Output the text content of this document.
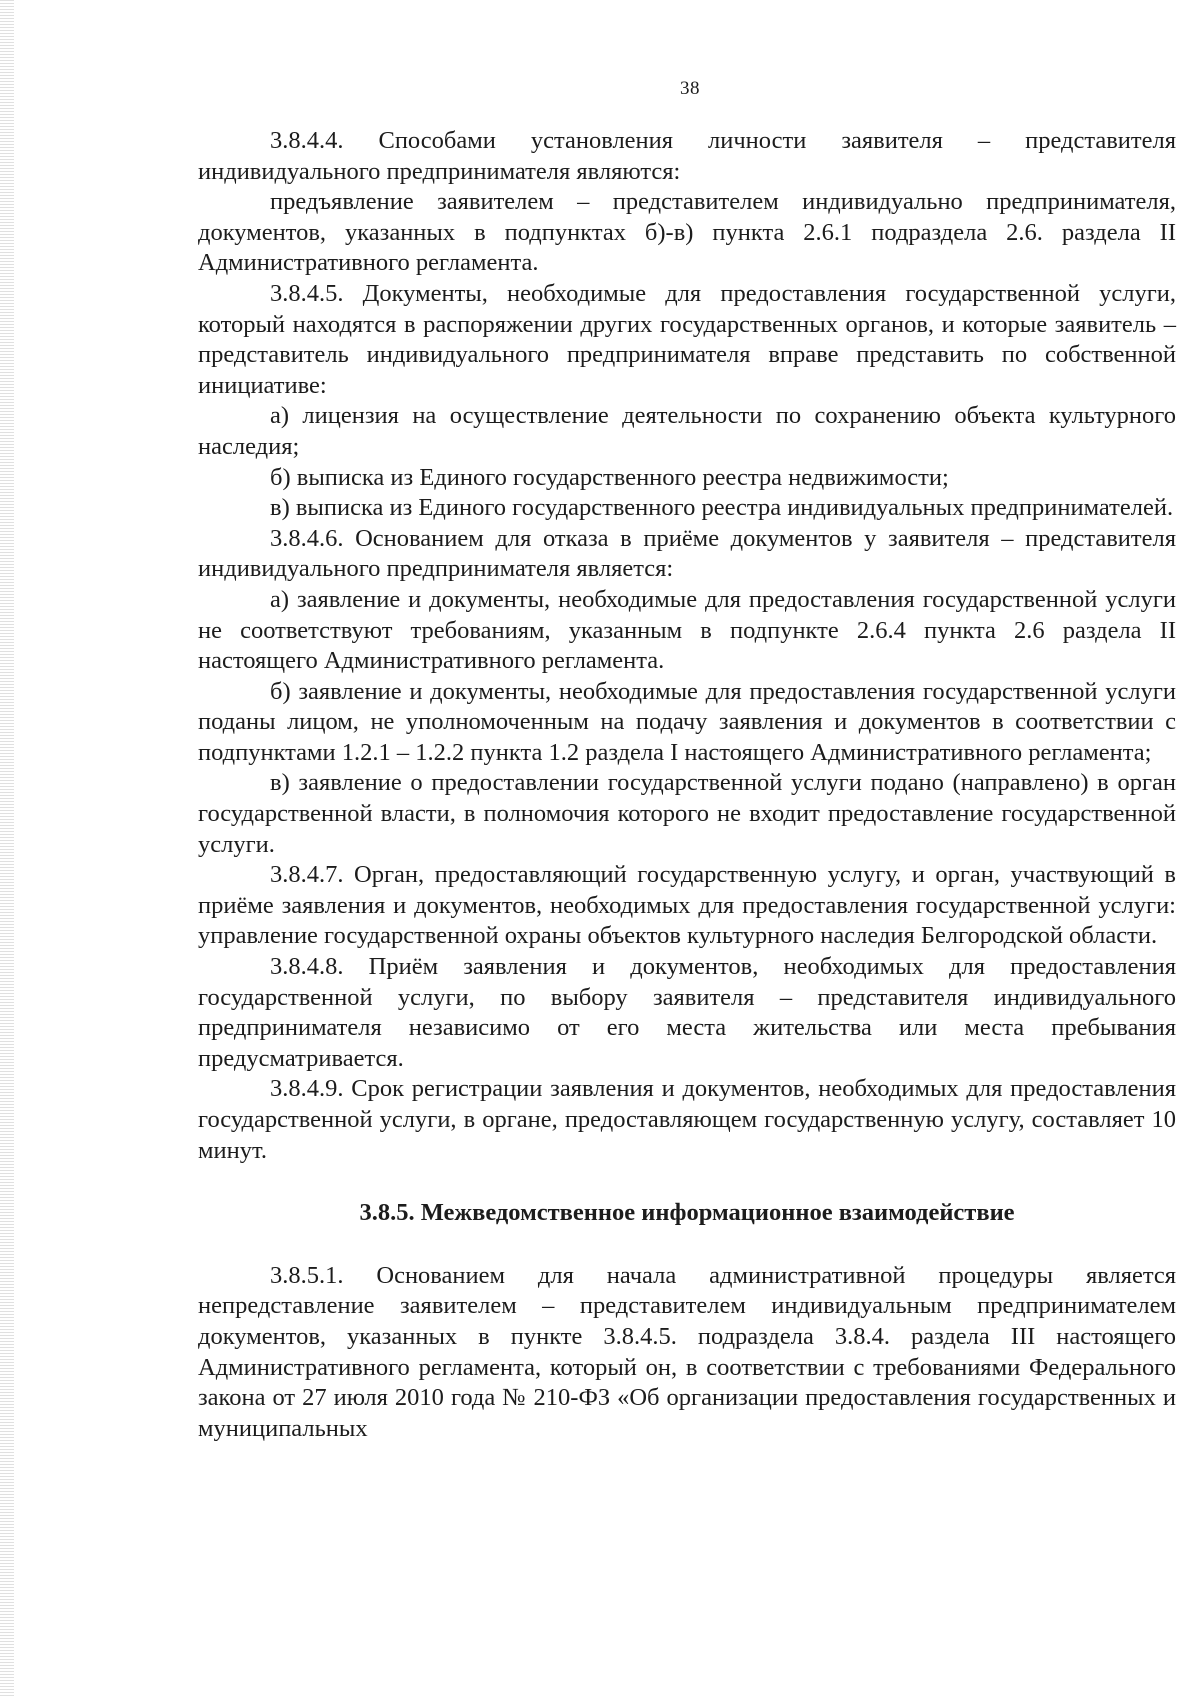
38

3.8.4.4. Способами установления личности заявителя – представителя индивидуального предпринимателя являются:

предъявление заявителем – представителем индивидуально предпринимателя, документов, указанных в подпунктах б)-в) пункта 2.6.1 подраздела 2.6. раздела II Административного регламента.

3.8.4.5. Документы, необходимые для предоставления государственной услуги, который находятся в распоряжении других государственных органов, и которые заявитель – представитель индивидуального предпринимателя вправе представить по собственной инициативе:

а) лицензия на осуществление деятельности по сохранению объекта культурного наследия;

б) выписка из Единого государственного реестра недвижимости;

в) выписка из Единого государственного реестра индивидуальных предпринимателей.

3.8.4.6. Основанием для отказа в приёме документов у заявителя – представителя индивидуального предпринимателя является:

а) заявление и документы, необходимые для предоставления государственной услуги не соответствуют требованиям, указанным в подпункте 2.6.4 пункта 2.6 раздела II настоящего Административного регламента.

б) заявление и документы, необходимые для предоставления государственной услуги поданы лицом, не уполномоченным на подачу заявления и документов в соответствии с подпунктами 1.2.1 – 1.2.2 пункта 1.2 раздела I настоящего Административного регламента;

в) заявление о предоставлении государственной услуги подано (направлено) в орган государственной власти, в полномочия которого не входит предоставление государственной услуги.

3.8.4.7. Орган, предоставляющий государственную услугу, и орган, участвующий в приёме заявления и документов, необходимых для предоставления государственной услуги: управление государственной охраны объектов культурного наследия Белгородской области.

3.8.4.8. Приём заявления и документов, необходимых для предоставления государственной услуги, по выбору заявителя – представителя индивидуального предпринимателя независимо от его места жительства или места пребывания предусматривается.

3.8.4.9. Срок регистрации заявления и документов, необходимых для предоставления государственной услуги, в органе, предоставляющем государственную услугу, составляет 10 минут.

3.8.5. Межведомственное информационное взаимодействие

3.8.5.1. Основанием для начала административной процедуры является непредставление заявителем – представителем индивидуальным предпринимателем документов, указанных в пункте 3.8.4.5. подраздела 3.8.4. раздела III настоящего Административного регламента, который он, в соответствии с требованиями Федерального закона от 27 июля 2010 года № 210-ФЗ «Об организации предоставления государственных и муниципальных
